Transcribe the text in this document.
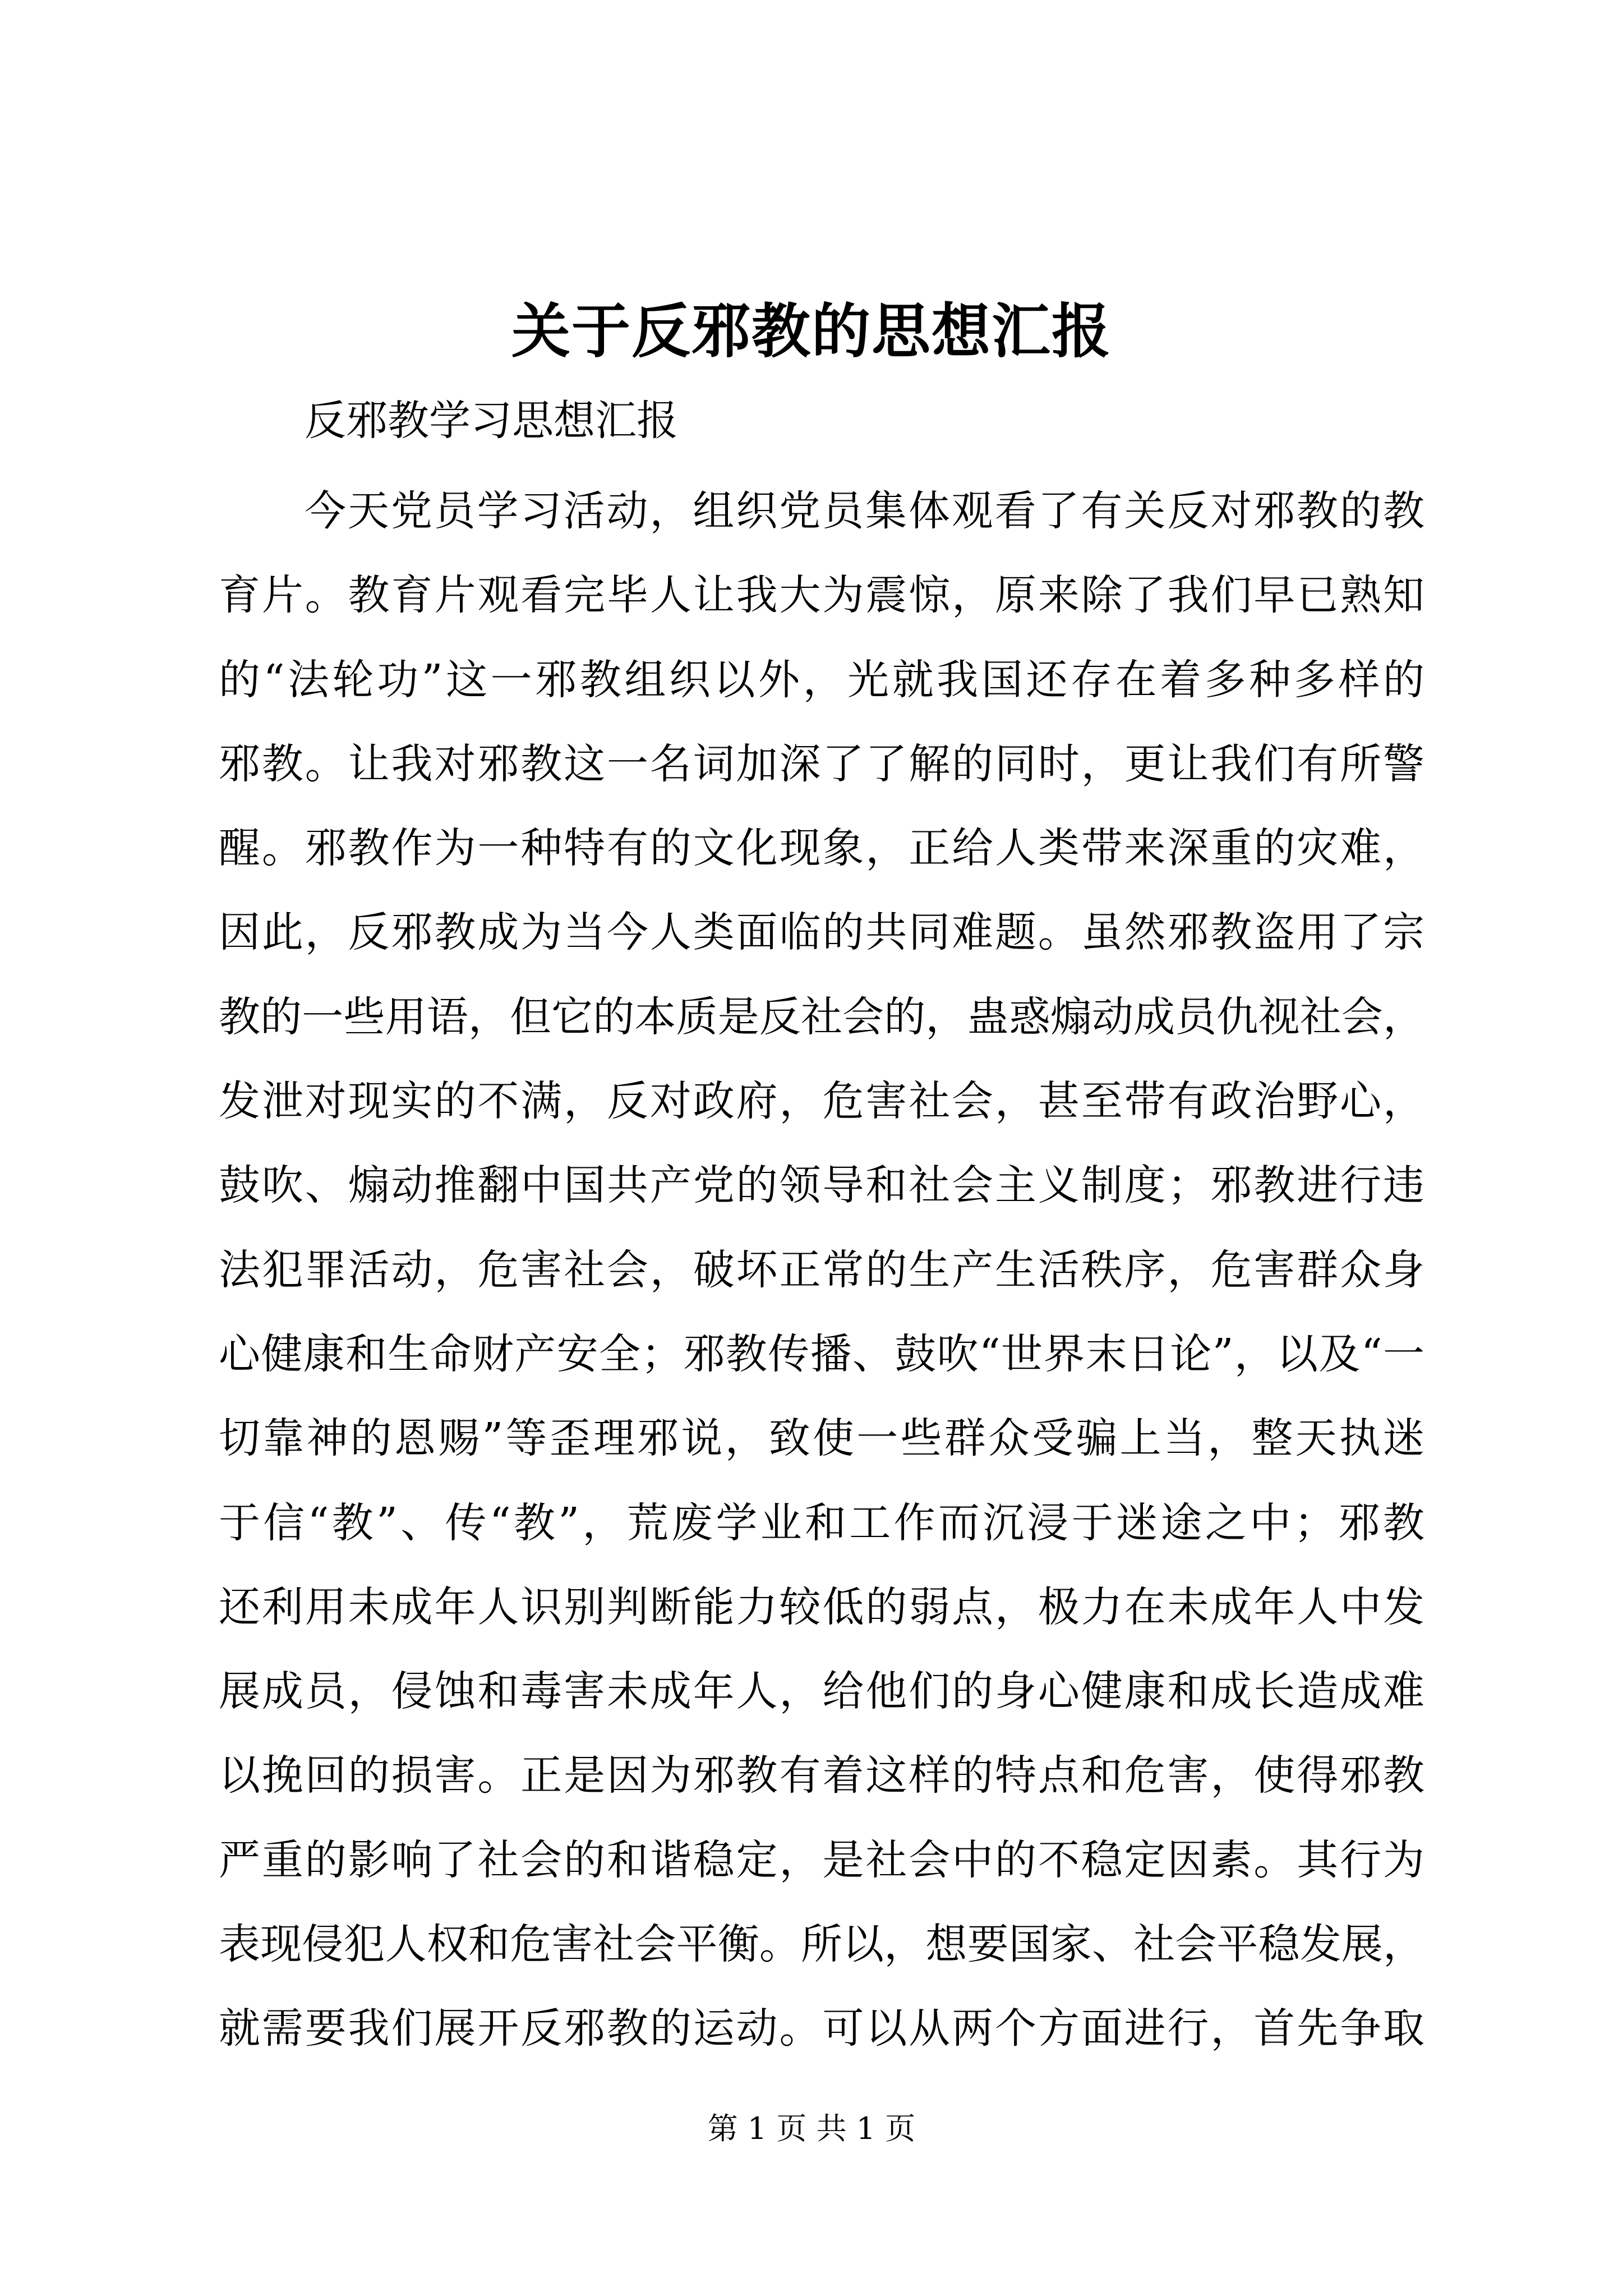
关于反邪教的思想汇报

反邪教学习思想汇报

今天党员学习活动，组织党员集体观看了有关反对邪教的教
育片。教育片观看完毕人让我大为震惊，原来除了我们早已熟知
的“法轮功”这一邪教组织以外，光就我国还存在着多种多样的
邪教。让我对邪教这一名词加深了了解的同时，更让我们有所警
醒。邪教作为一种特有的文化现象，正给人类带来深重的灾难，
因此，反邪教成为当今人类面临的共同难题。虽然邪教盗用了宗
教的一些用语，但它的本质是反社会的，蛊惑煽动成员仇视社会，
发泄对现实的不满，反对政府，危害社会，甚至带有政治野心，
鼓吹、煽动推翻中国共产党的领导和社会主义制度；邪教进行违
法犯罪活动，危害社会，破坏正常的生产生活秩序，危害群众身
心健康和生命财产安全；邪教传播、鼓吹“世界末日论”，以及“一
切靠神的恩赐”等歪理邪说，致使一些群众受骗上当，整天执迷
于信“教”、传“教”，荒废学业和工作而沉浸于迷途之中；邪教
还利用未成年人识别判断能力较低的弱点，极力在未成年人中发
展成员，侵蚀和毒害未成年人，给他们的身心健康和成长造成难
以挽回的损害。正是因为邪教有着这样的特点和危害，使得邪教
严重的影响了社会的和谐稳定，是社会中的不稳定因素。其行为
表现侵犯人权和危害社会平衡。所以，想要国家、社会平稳发展，
就需要我们展开反邪教的运动。可以从两个方面进行，首先争取
第 1 页 共 1 页
